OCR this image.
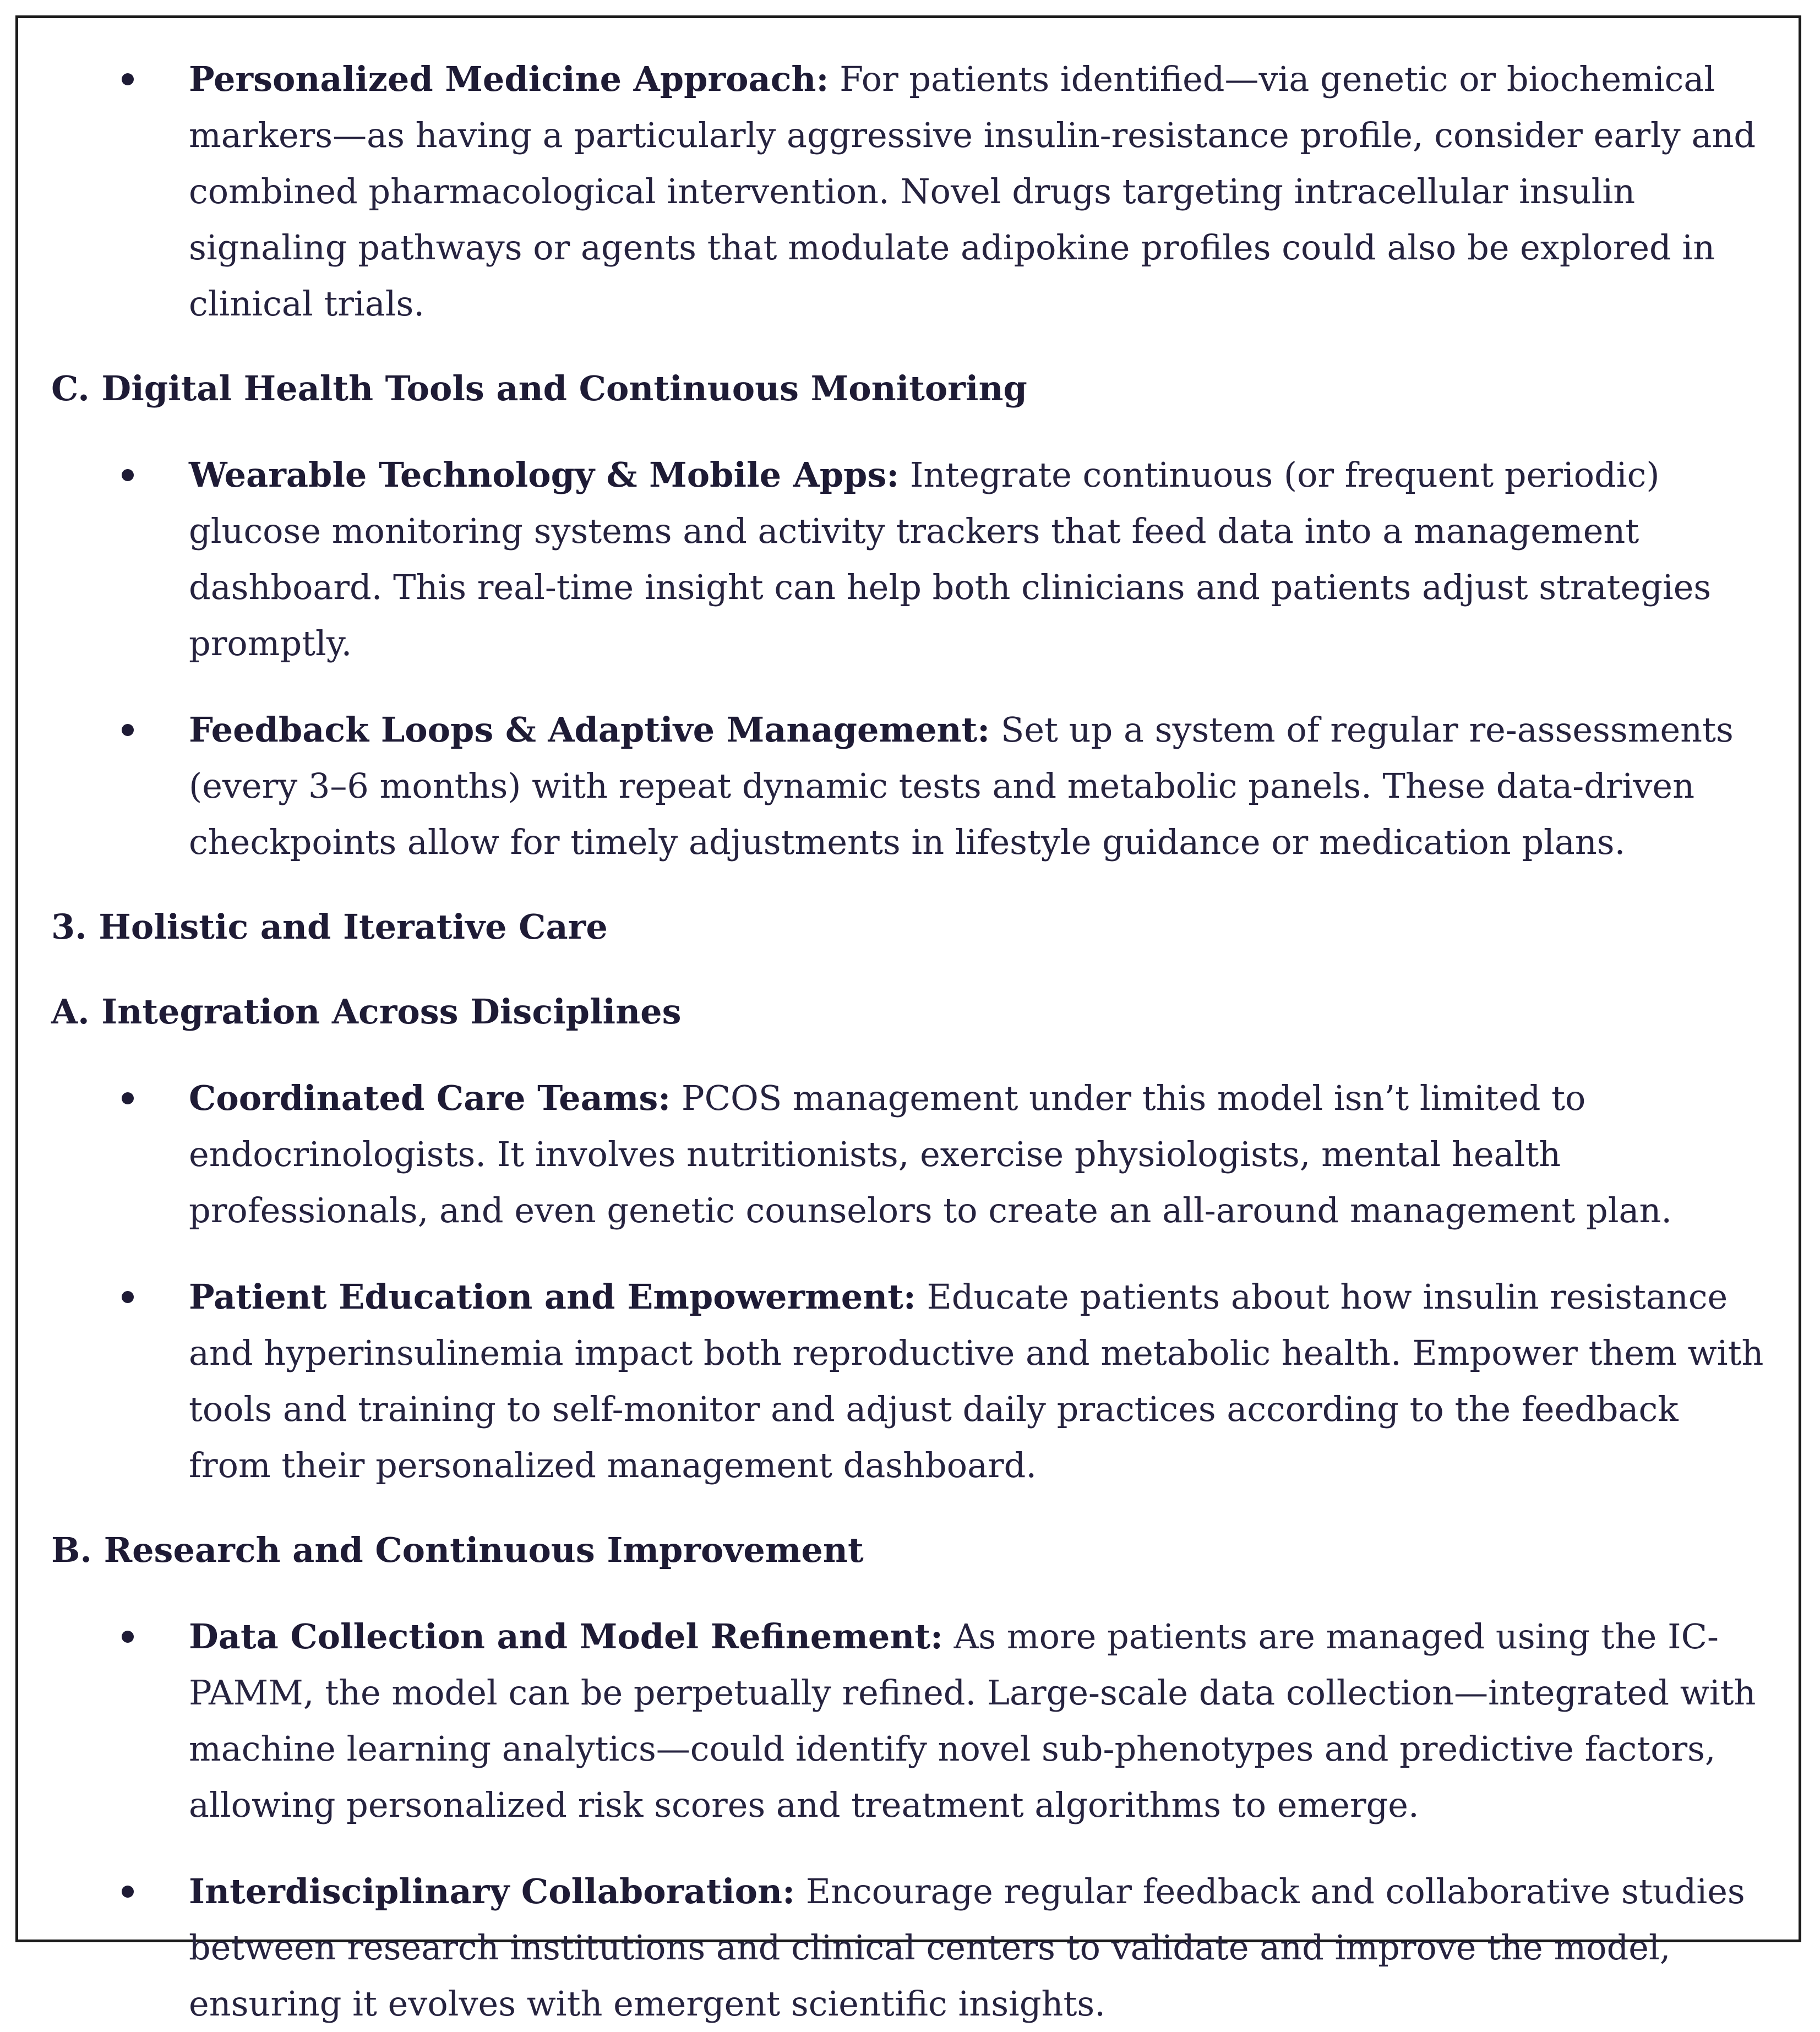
Personalized Medicine Approach: For patients identified—via genetic or biochemical markers—as having a particularly aggressive insulin-resistance profile, consider early and combined pharmacological intervention. Novel drugs targeting intracellular insulin signaling pathways or agents that modulate adipokine profiles could also be explored in clinical trials.

C. Digital Health Tools and Continuous Monitoring

Wearable Technology & Mobile Apps: Integrate continuous (or frequent periodic) glucose monitoring systems and activity trackers that feed data into a management dashboard. This real-time insight can help both clinicians and patients adjust strategies promptly.

Feedback Loops & Adaptive Management: Set up a system of regular re-assessments (every 3–6 months) with repeat dynamic tests and metabolic panels. These data-driven checkpoints allow for timely adjustments in lifestyle guidance or medication plans.

3. Holistic and Iterative Care

A. Integration Across Disciplines

Coordinated Care Teams: PCOS management under this model isn’t limited to endocrinologists. It involves nutritionists, exercise physiologists, mental health professionals, and even genetic counselors to create an all-around management plan.

Patient Education and Empowerment: Educate patients about how insulin resistance and hyperinsulinemia impact both reproductive and metabolic health. Empower them with tools and training to self-monitor and adjust daily practices according to the feedback from their personalized management dashboard.

B. Research and Continuous Improvement

Data Collection and Model Refinement: As more patients are managed using the IC-PAMM, the model can be perpetually refined. Large-scale data collection—integrated with machine learning analytics—could identify novel sub-phenotypes and predictive factors, allowing personalized risk scores and treatment algorithms to emerge.

Interdisciplinary Collaboration: Encourage regular feedback and collaborative studies between research institutions and clinical centers to validate and improve the model, ensuring it evolves with emergent scientific insights.
